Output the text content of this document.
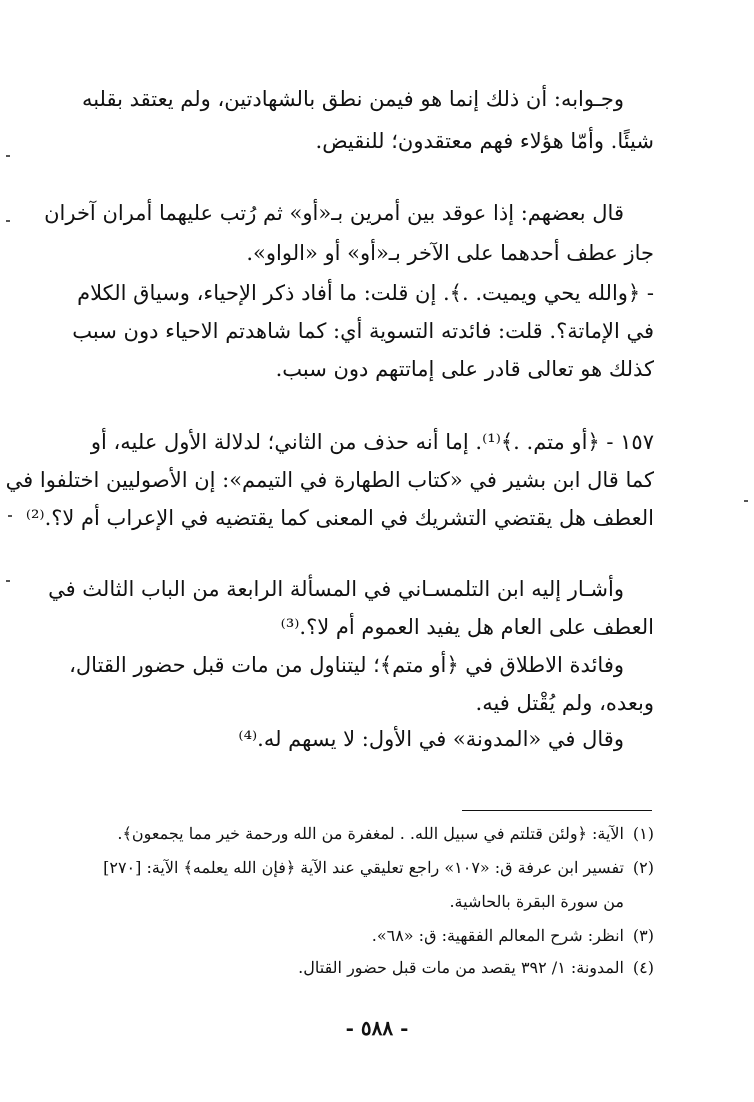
وجـوابه: أن ذلك إنما هو فيمن نطق بالشهادتين، ولم يعتقد بقلبه
شيئًا. وأمّا هؤلاء فهم معتقدون؛ للنقيض.
قال بعضهم: إذا عوقد بين أمرين بـ«أو» ثم رُتب عليهما أمران آخران
جاز عطف أحدهما على الآخر بـ«أو» أو «الواو».
- ﴿والله يحي ويميت. .﴾. إن قلت: ما أفاد ذكر الإحياء، وسياق الكلام
في الإماتة؟. قلت: فائدته التسوية أي: كما شاهدتم الاحياء دون سبب
كذلك هو تعالى قادر على إماتتهم دون سبب.
١٥٧ - ﴿أو متم. .﴾⁽¹⁾. إما أنه حذف من الثاني؛ لدلالة الأول عليه، أو
كما قال ابن بشير في «كتاب الطهارة في التيمم»: إن الأصوليين اختلفوا في
العطف هل يقتضي التشريك في المعنى كما يقتضيه في الإعراب أم لا؟.⁽²⁾
وأشـار إليه ابن التلمسـاني في المسألة الرابعة من الباب الثالث في
العطف على العام هل يفيد العموم أم لا؟.⁽³⁾
وفائدة الاطلاق في ﴿أو متم﴾؛ ليتناول من مات قبل حضور القتال،
وبعده، ولم يُقْتل فيه.
وقال في «المدونة» في الأول: لا يسهم له.⁽⁴⁾
(١)الآية: ﴿ولئن قتلتم في سبيل الله. . لمغفرة من الله ورحمة خير مما يجمعون﴾.
(٢)تفسير ابن عرفة ق: «١٠٧» راجع تعليقي عند الآية ﴿فإن الله يعلمه﴾ الآية: [٢٧٠]
من سورة البقرة بالحاشية.
(٣)انظر: شرح المعالم الفقهية: ق: «٦٨».
(٤)المدونة: ١/ ٣٩٢ يقصد من مات قبل حضور القتال.
- ٥٨٨ -
